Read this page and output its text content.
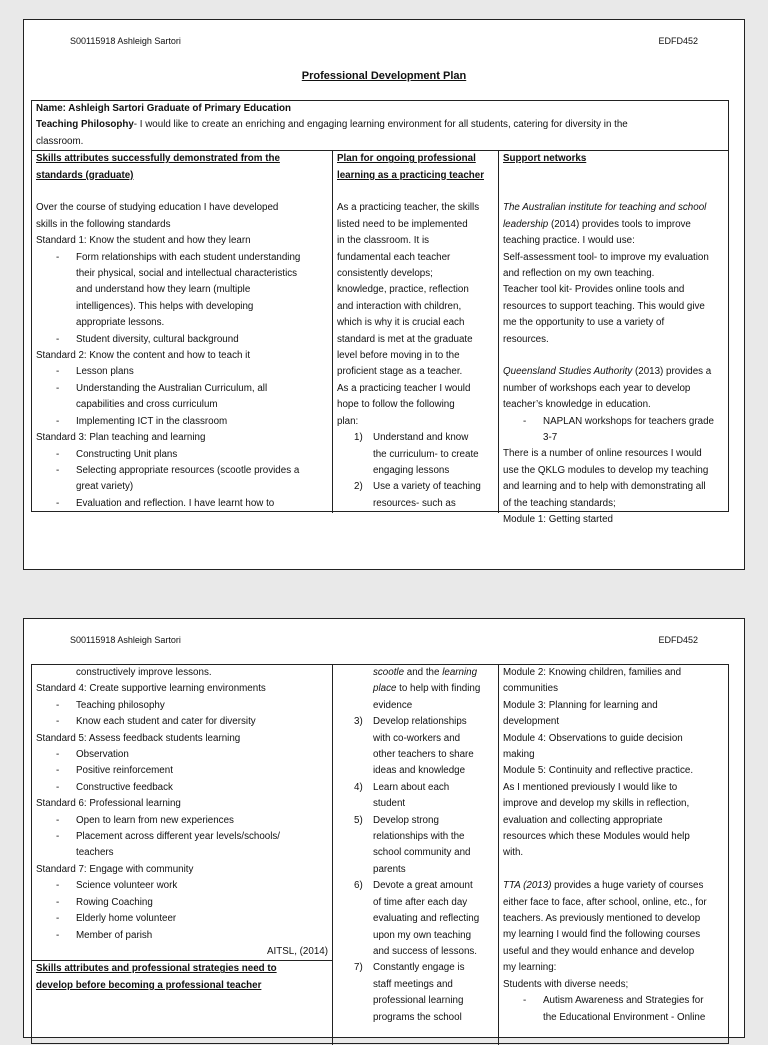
S00115918 Ashleigh Sartori	EDFD452
Professional Development Plan

Name: Ashleigh Sartori Graduate of Primary Education

Teaching Philosophy- I would like to create an enriching and engaging learning environment for all students, catering for diversity in the

classroom.

Skills attributes successfully demonstrated from the

standards (graduate)

Over the course of studying education I have developed

skills in the following standards

Standard 1: Know the student and how they learn

- Form relationships with each student understanding

their physical, social and intellectual characteristics

and understand how they learn (multiple

intelligences). This helps with developing

appropriate lessons.

- Student diversity, cultural background

Standard 2: Know the content and how to teach it

- Lesson plans

- Understanding the Australian Curriculum, all

capabilities and cross curriculum

- Implementing ICT in the classroom

Standard 3: Plan teaching and learning

- Constructing Unit plans

- Selecting appropriate resources (scootle provides a

great variety)

- Evaluation and reflection. I have learnt how to

Plan for ongoing professional

learning as a practicing teacher

As a practicing teacher, the skills

listed need to be implemented

in the classroom. It is

fundamental each teacher

consistently develops;

knowledge, practice, reflection

and interaction with children,

which is why it is crucial each

standard is met at the graduate

level before moving in to the

proficient stage as a teacher.

As a practicing teacher I would

hope to follow the following

plan:

1) Understand and know

the curriculum- to create

engaging lessons

2) Use a variety of teaching

resources- such as

Support networks

The Australian institute for teaching and school

leadership (2014) provides tools to improve

teaching practice. I would use:

Self-assessment tool- to improve my evaluation

and reflection on my own teaching.

Teacher tool kit- Provides online tools and

resources to support teaching. This would give

me the opportunity to use a variety of

resources.

Queensland Studies Authority (2013) provides a

number of workshops each year to develop

teacher’s knowledge in education.

- NAPLAN workshops for teachers grade

3-7

There is a number of online resources I would

use the QKLG modules to develop my teaching

and learning and to help with demonstrating all

of the teaching standards;

Module 1: Getting started

S00115918 Ashleigh Sartori	EDFD452

constructively improve lessons.

Standard 4: Create supportive learning environments

- Teaching philosophy

- Know each student and cater for diversity

Standard 5: Assess feedback students learning

- Observation

- Positive reinforcement

- Constructive feedback

Standard 6: Professional learning

- Open to learn from new experiences

- Placement across different year levels/schools/

teachers

Standard 7: Engage with community

- Science volunteer work

- Rowing Coaching

- Elderly home volunteer

- Member of parish

AITSL, (2014)

Skills attributes and professional strategies need to

develop before becoming a professional teacher

scootle and the learning

place to help with finding

evidence

3) Develop relationships

with co-workers and

other teachers to share

ideas and knowledge

4) Learn about each

student

5) Develop strong

relationships with the

school community and

parents

6) Devote a great amount

of time after each day

evaluating and reflecting

upon my own teaching

and success of lessons.

7) Constantly engage is

staff meetings and

professional learning

programs the school

Module 2: Knowing children, families and

communities

Module 3: Planning for learning and

development

Module 4: Observations to guide decision

making

Module 5: Continuity and reflective practice.

As I mentioned previously I would like to

improve and develop my skills in reflection,

evaluation and collecting appropriate

resources which these Modules would help

with.

TTA (2013) provides a huge variety of courses

either face to face, after school, online, etc., for

teachers. As previously mentioned to develop

my learning I would find the following courses

useful and they would enhance and develop

my learning:

Students with diverse needs;

- Autism Awareness and Strategies for

the Educational Environment - Online
